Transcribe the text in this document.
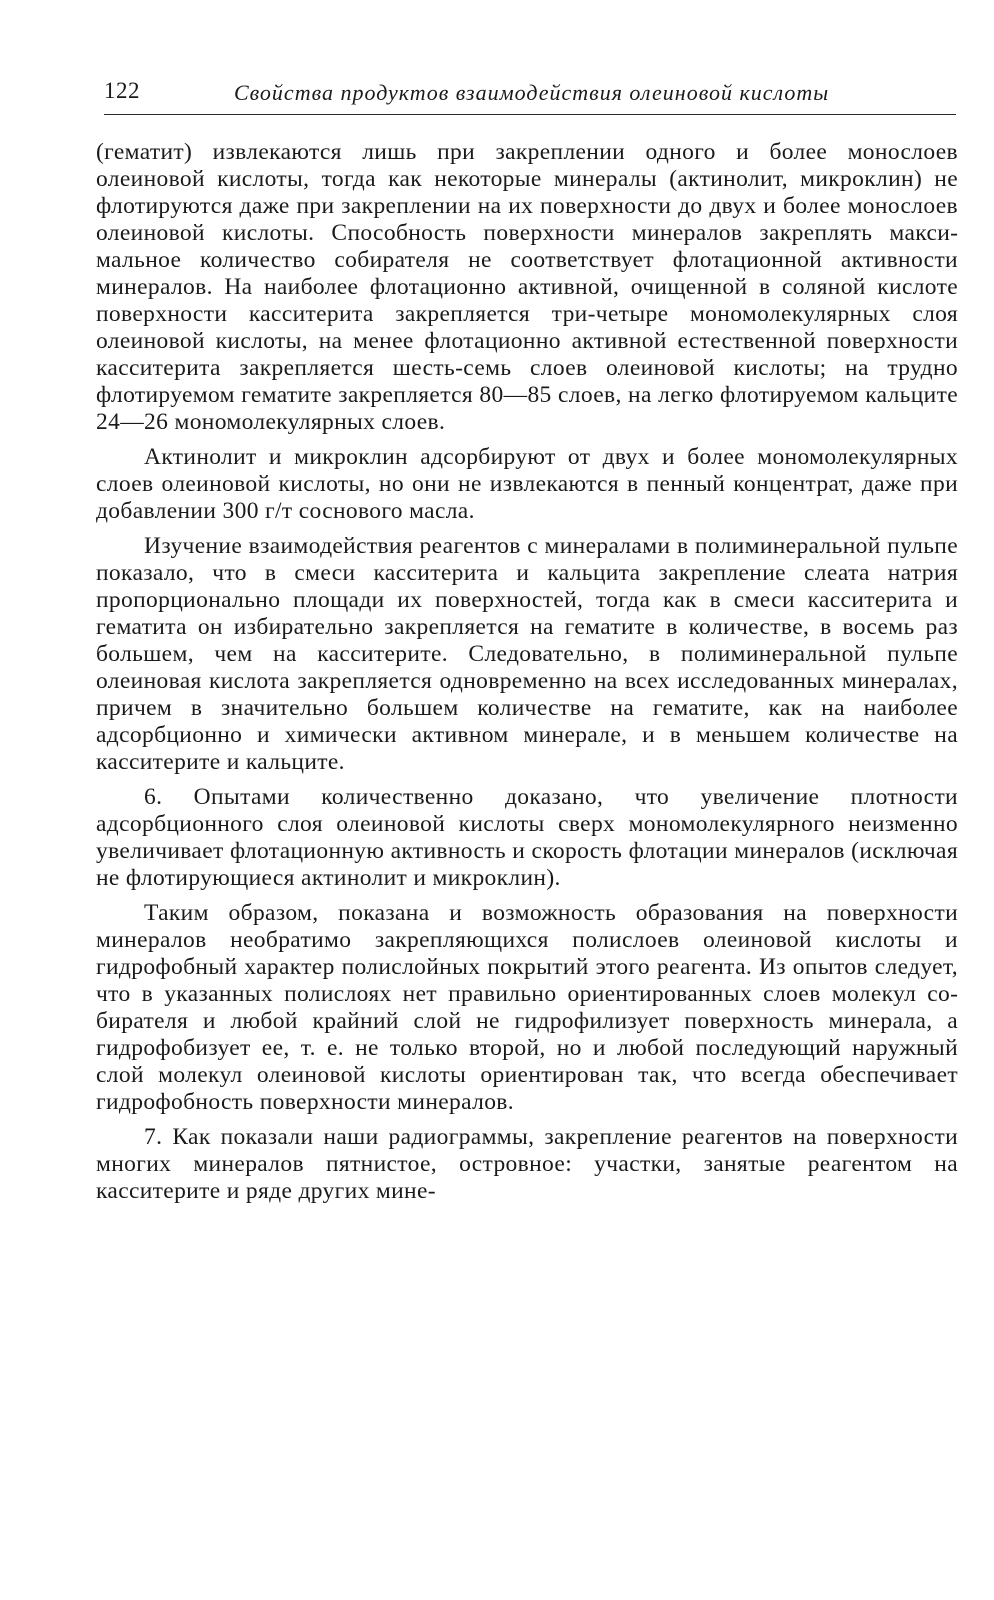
122	Свойства продуктов взаимодействия олеиновой кислоты

(гематит) извлекаются лишь при закреплении одного и более монослоев олеиновой кислоты, тогда как некоторые минералы (актинолит, микроклин) не флотируются даже при закреплении на их поверхности до двух и более монослоев олеиновой кислоты. Способность поверхности минералов закреплять максимальное количество собирателя не соответствует флотационной активности минералов. На наиболее флотационно активной, очищенной в соляной кислоте поверхности касситерита закрепляется три-четыре мономолекулярных слоя олеиновой кислоты, на менее флотационно активной естественной поверхности касситерита закрепляется шесть-семь слоев олеиновой кислоты; на трудно флотируемом гематите закрепляется 80—85 слоев, на легко флотируемом кальците 24—26 мономолекулярных слоев.

Актинолит и микроклин адсорбируют от двух и более мономолекулярных слоев олеиновой кислоты, но они не извлекаются в пенный концентрат, даже при добавлении 300 г/т соснового масла.

Изучение взаимодействия реагентов с минералами в полиминеральной пульпе показало, что в смеси касситерита и кальцита закрепление слеата натрия пропорционально площади их поверхностей, тогда как в смеси касситерита и гематита он избирательно закрепляется на гематите в количестве, в восемь раз большем, чем на касситерите. Следовательно, в полиминеральной пульпе олеиновая кислота закрепляется одновременно на всех исследованных минералах, причем в значительно большем количестве на гематите, как на наиболее адсорбционно и химически активном минерале, и в меньшем количестве на касситерите и кальците.

6. Опытами количественно доказано, что увеличение плотности адсорбционного слоя олеиновой кислоты сверх мономолекулярного неизменно увеличивает флотационную активность и скорость флотации минералов (исключая не флотирующиеся актинолит и микроклин).

Таким образом, показана и возможность образования на поверхности минералов необратимо закрепляющихся полислоев олеиновой кислоты и гидрофобный характер полислойных покрытий этого реагента. Из опытов следует, что в указанных полислоях нет правильно ориентированных слоев молекул собирателя и любой крайний слой не гидрофилизует поверхность минерала, а гидрофобизует ее, т. е. не только второй, но и любой последующий наружный слой молекул олеиновой кислоты ориентирован так, что всегда обеспечивает гидрофобность поверхности минералов.

7. Как показали наши радиограммы, закрепление реагентов на поверхности многих минералов пятнистое, островное: участки, занятые реагентом на касситерите и ряде других мине-
